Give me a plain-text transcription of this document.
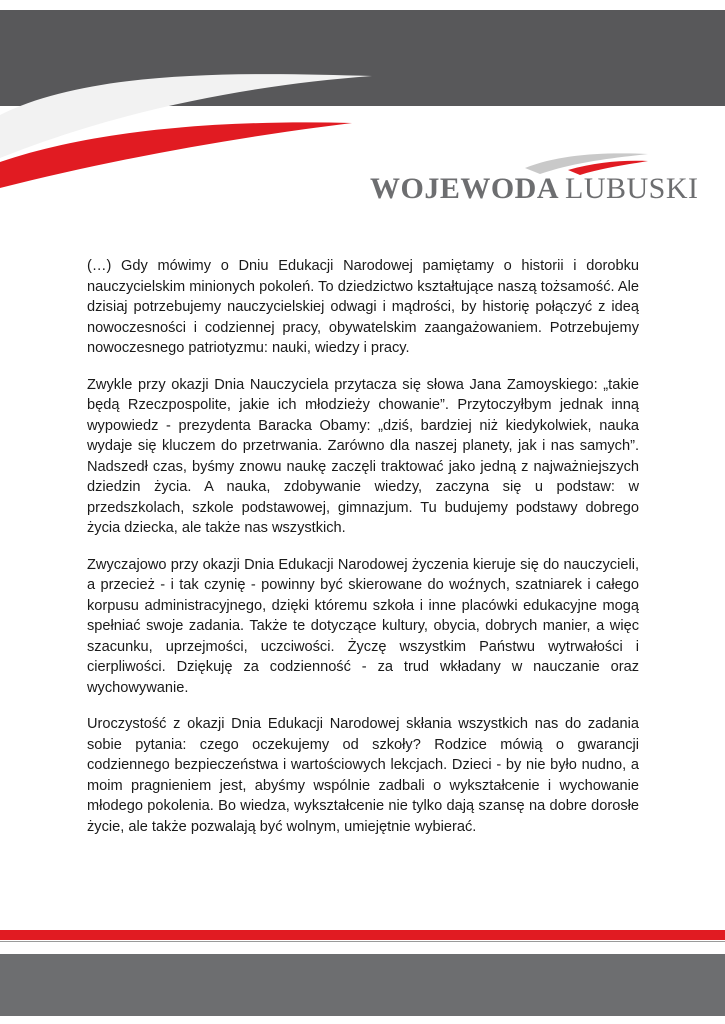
WOJEWODA LUBUSKI

(…) Gdy mówimy o Dniu Edukacji Narodowej pamiętamy o historii i dorobku nauczycielskim minionych pokoleń. To dziedzictwo kształtujące naszą tożsamość. Ale dzisiaj potrzebujemy nauczycielskiej odwagi i mądrości, by historię połączyć z ideą nowoczesności i codziennej pracy, obywatelskim zaangażowaniem. Potrzebujemy nowoczesnego patriotyzmu: nauki, wiedzy i pracy.

Zwykle przy okazji Dnia Nauczyciela przytacza się słowa Jana Zamoyskiego: „takie będą Rzeczpospolite, jakie ich młodzieży chowanie”. Przytoczyłbym jednak inną wypowiedz - prezydenta Baracka Obamy: „dziś, bardziej niż kiedykolwiek, nauka wydaje się kluczem do przetrwania. Zarówno dla naszej planety, jak i nas samych”. Nadszedł czas, byśmy znowu naukę zaczęli traktować jako jedną z najważniejszych dziedzin życia. A nauka, zdobywanie wiedzy, zaczyna się u podstaw: w przedszkolach, szkole podstawowej, gimnazjum. Tu budujemy podstawy dobrego życia dziecka, ale także nas wszystkich.

Zwyczajowo przy okazji Dnia Edukacji Narodowej życzenia kieruje się do nauczycieli, a przecież - i tak czynię - powinny być skierowane do woźnych, szatniarek i całego korpusu administracyjnego, dzięki któremu szkoła i inne placówki edukacyjne mogą spełniać swoje zadania. Także te dotyczące kultury, obycia, dobrych manier, a więc szacunku, uprzejmości, uczciwości. Życzę wszystkim Państwu wytrwałości i cierpliwości. Dziękuję za codzienność - za trud wkładany w nauczanie oraz wychowywanie.

Uroczystość z okazji Dnia Edukacji Narodowej skłania wszystkich nas do zadania sobie pytania: czego oczekujemy od szkoły? Rodzice mówią o gwarancji codziennego bezpieczeństwa i wartościowych lekcjach. Dzieci - by nie było nudno, a moim pragnieniem jest, abyśmy wspólnie zadbali o wykształcenie i wychowanie młodego pokolenia. Bo wiedza, wykształcenie nie tylko dają szansę na dobre dorosłe życie, ale także pozwalają być wolnym, umiejętnie wybierać.
